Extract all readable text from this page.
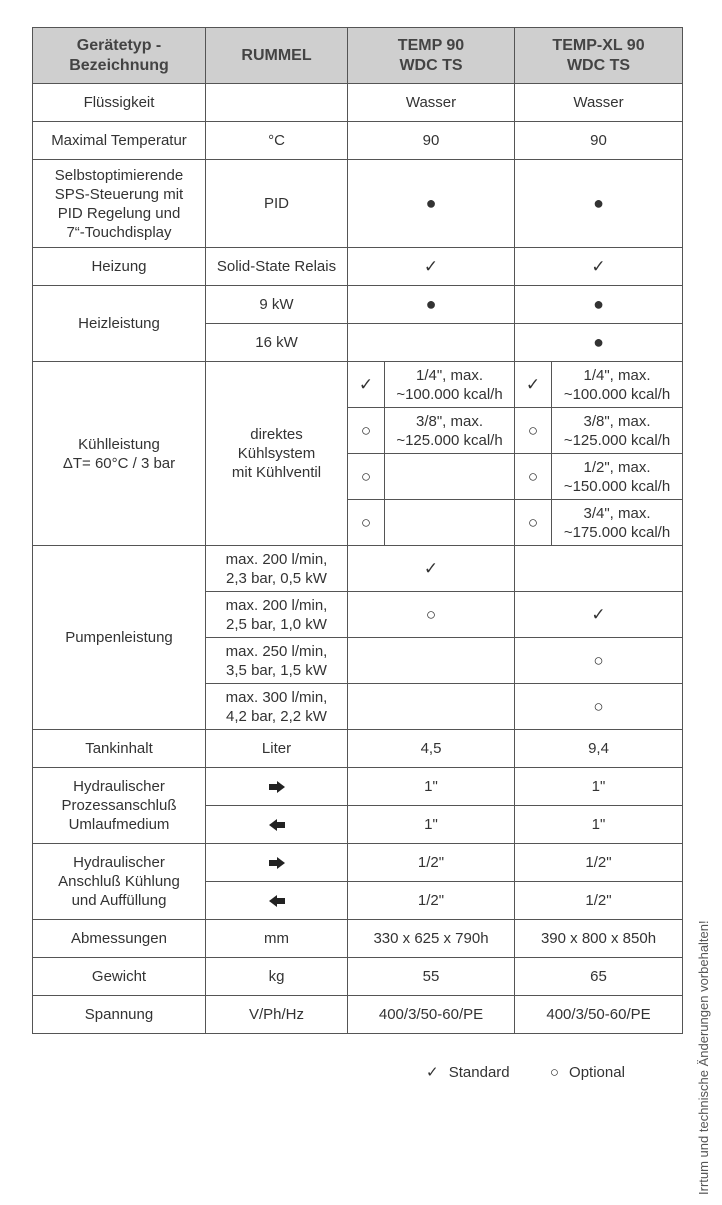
Gerätetyp -
Bezeichnung	RUMMEL	TEMP 90
WDC TS		TEMP-XL 90
WDC TS	
Flüssigkeit		Wasser		Wasser	
Maximal Temperatur	°C	90		90	
Selbstoptimierende
SPS-Steuerung mit
PID Regelung und
7“-Touchdisplay	PID	●		●	
Heizung	Solid-State Relais	✓		✓	
Heizleistung	9 kW	●		●	
	16 kW			●	
Kühlleistung
ΔT= 60°C / 3 bar	direktes
Kühlsystem
mit Kühlventil	✓	1/4", max.
~100.000 kcal/h	✓	1/4", max.
~100.000 kcal/h
		○	3/8", max.
~125.000 kcal/h	○	3/8", max.
~125.000 kcal/h
		○		○	1/2", max.
~150.000 kcal/h
		○		○	3/4", max.
~175.000 kcal/h
Pumpenleistung	max. 200 l/min,
2,3 bar, 0,5 kW	✓			
	max. 200 l/min,
2,5 bar, 1,0 kW	○		✓	
	max. 250 l/min,
3,5 bar, 1,5 kW			○	
	max. 300 l/min,
4,2 bar, 2,2 kW			○	
Tankinhalt	Liter	4,5		9,4	
Hydraulischer
Prozessanschluß
Umlaufmedium		1"		1"	
	1"		1"	
Hydraulischer
Anschluß Kühlung
und Auffüllung		1/2"		1/2"	
	1/2"		1/2"	
Abmessungen	mm	330 x 625 x 790h		390 x 800 x 850h	
Gewicht	kg	55		65	
Spannung	V/Ph/Hz	400/3/50-60/PE		400/3/50-60/PE	
✓ Standard	○ Optional	Irrtum und technische Änderungen vorbehalten!
